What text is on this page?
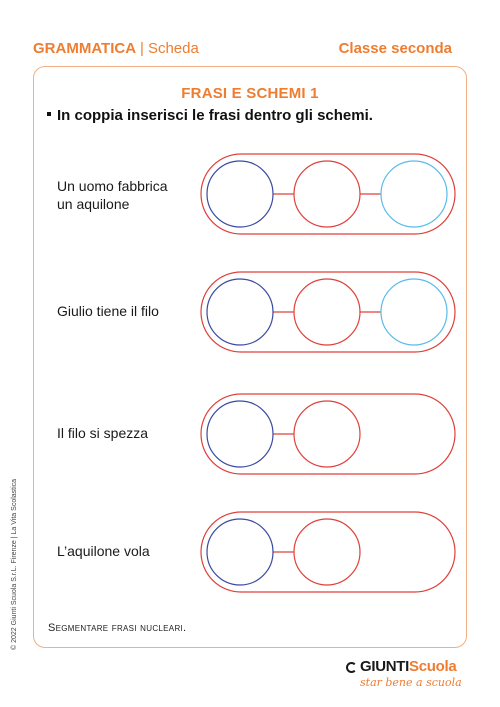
GRAMMATICA | Scheda	Classe seconda
FRASI E SCHEMI 1
In coppia inserisci le frasi dentro gli schemi.
Un uomo fabbrica
un aquilone
Giulio tiene il filo
Il filo si spezza
L’aquilone vola
Segmentare frasi nucleari.
© 2022 Giunti Scuola S.r.L. Firenze | La Vita Scolastica
GIUNTIScuola
star bene a scuola
